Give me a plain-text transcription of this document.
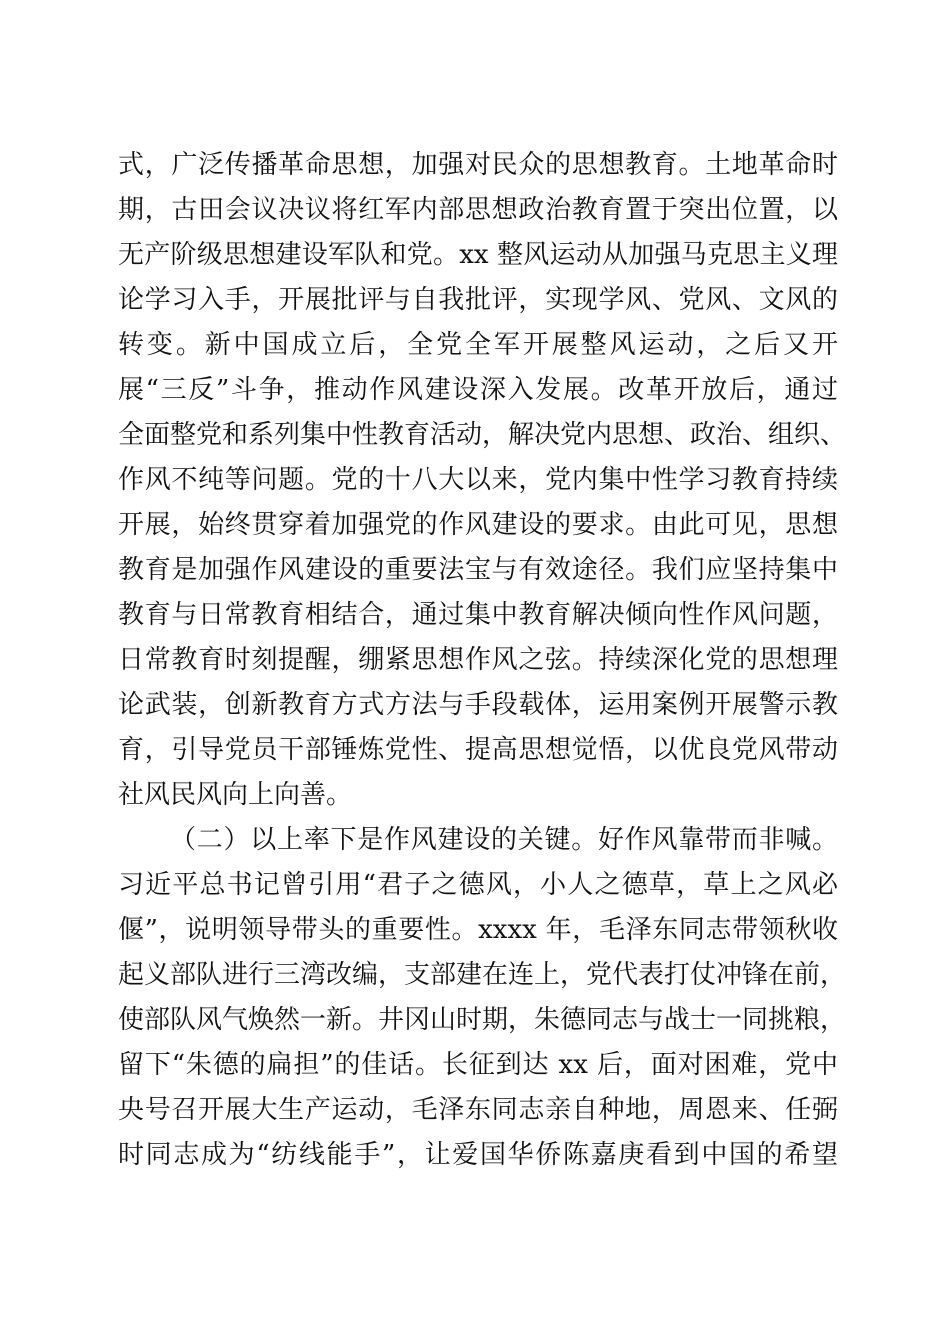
式，广泛传播革命思想，加强对民众的思想教育。土地革命时
期，古田会议决议将红军内部思想政治教育置于突出位置，以
无产阶级思想建设军队和党。xx 整风运动从加强马克思主义理
论学习入手，开展批评与自我批评，实现学风、党风、文风的
转变。新中国成立后，全党全军开展整风运动，之后又开
展“三反”斗争，推动作风建设深入发展。改革开放后，通过
全面整党和系列集中性教育活动，解决党内思想、政治、组织、
作风不纯等问题。党的十八大以来，党内集中性学习教育持续
开展，始终贯穿着加强党的作风建设的要求。由此可见，思想
教育是加强作风建设的重要法宝与有效途径。我们应坚持集中
教育与日常教育相结合，通过集中教育解决倾向性作风问题，
日常教育时刻提醒，绷紧思想作风之弦。持续深化党的思想理
论武装，创新教育方式方法与手段载体，运用案例开展警示教
育，引导党员干部锤炼党性、提高思想觉悟，以优良党风带动
社风民风向上向善。
（二）以上率下是作风建设的关键。好作风靠带而非喊。
习近平总书记曾引用“君子之德风，小人之德草，草上之风必
偃”，说明领导带头的重要性。xxxx 年，毛泽东同志带领秋收
起义部队进行三湾改编，支部建在连上，党代表打仗冲锋在前，
使部队风气焕然一新。井冈山时期，朱德同志与战士一同挑粮，
留下“朱德的扁担”的佳话。长征到达 xx 后，面对困难，党中
央号召开展大生产运动，毛泽东同志亲自种地，周恩来、任弼
时同志成为“纺线能手”，让爱国华侨陈嘉庚看到中国的希望
